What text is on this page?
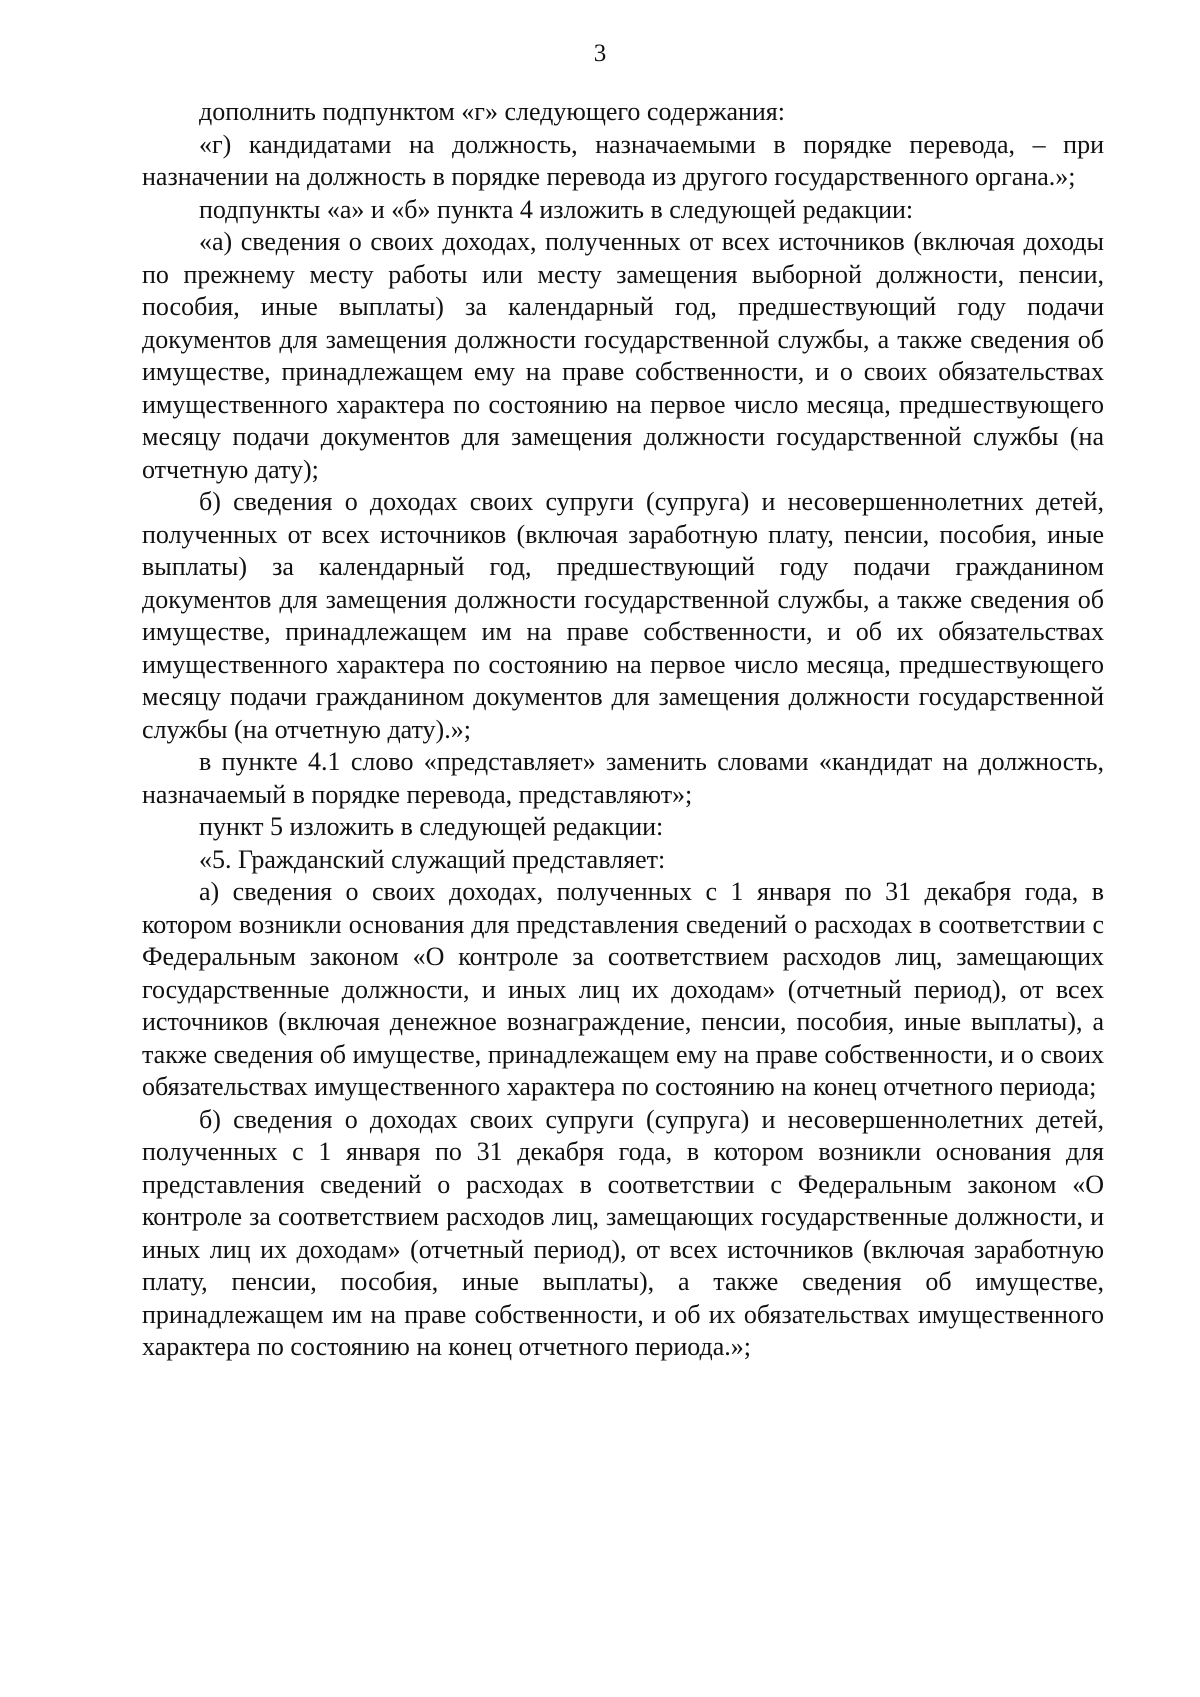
3

дополнить подпунктом «г» следующего содержания:

«г) кандидатами на должность, назначаемыми в порядке перевода, – при назначении на должность в порядке перевода из другого государственного органа.»;

подпункты «а» и «б» пункта 4 изложить в следующей редакции:

«а) сведения о своих доходах, полученных от всех источников (включая доходы по прежнему месту работы или месту замещения выборной должности, пенсии, пособия, иные выплаты) за календарный год, предшествующий году подачи документов для замещения должности государственной службы, а также сведения об имуществе, принадлежащем ему на праве собственности, и о своих обязательствах имущественного характера по состоянию на первое число месяца, предшествующего месяцу подачи документов для замещения должности государственной службы (на отчетную дату);

б) сведения о доходах своих супруги (супруга) и несовершеннолетних детей, полученных от всех источников (включая заработную плату, пенсии, пособия, иные выплаты) за календарный год, предшествующий году подачи гражданином документов для замещения должности государственной службы, а также сведения об имуществе, принадлежащем им на праве собственности, и об их обязательствах имущественного характера по состоянию на первое число месяца, предшествующего месяцу подачи гражданином документов для замещения должности государственной службы (на отчетную дату).»;

в пункте 4.1 слово «представляет» заменить словами «кандидат на должность, назначаемый в порядке перевода, представляют»;

пункт 5 изложить в следующей редакции:

«5. Гражданский служащий представляет:

а) сведения о своих доходах, полученных с 1 января по 31 декабря года, в котором возникли основания для представления сведений о расходах в соответствии с Федеральным законом «О контроле за соответствием расходов лиц, замещающих государственные должности, и иных лиц их доходам» (отчетный период), от всех источников (включая денежное вознаграждение, пенсии, пособия, иные выплаты), а также сведения об имуществе, принадлежащем ему на праве собственности, и о своих обязательствах имущественного характера по состоянию на конец отчетного периода;

б) сведения о доходах своих супруги (супруга) и несовершеннолетних детей, полученных с 1 января по 31 декабря года, в котором возникли основания для представления сведений о расходах в соответствии с Федеральным законом «О контроле за соответствием расходов лиц, замещающих государственные должности, и иных лиц их доходам» (отчетный период), от всех источников (включая заработную плату, пенсии, пособия, иные выплаты), а также сведения об имуществе, принадлежащем им на праве собственности, и об их обязательствах имущественного характера по состоянию на конец отчетного периода.»;
